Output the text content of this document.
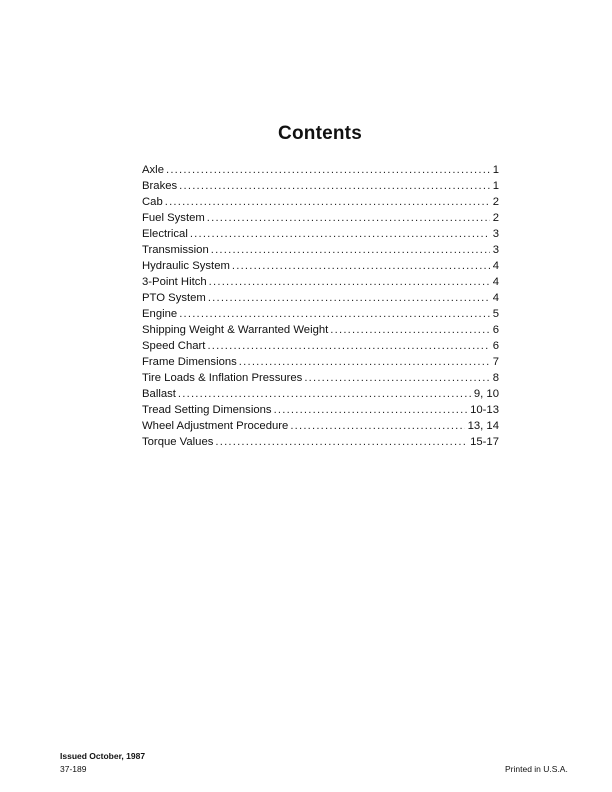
Contents
Axle .....	1
Brakes .....	1
Cab .....	2
Fuel System .....	2
Electrical .....	3
Transmission .....	3
Hydraulic System .....	4
3-Point Hitch .....	4
PTO System .....	4
Engine .....	5
Shipping Weight & Warranted Weight .....	6
Speed Chart .....	6
Frame Dimensions .....	7
Tire Loads & Inflation Pressures .....	8
Ballast .....	9, 10
Tread Setting Dimensions .....	10-13
Wheel Adjustment Procedure .....	13, 14
Torque Values .....	15-17

Issued October, 1987

37-189	Printed in U.S.A.
